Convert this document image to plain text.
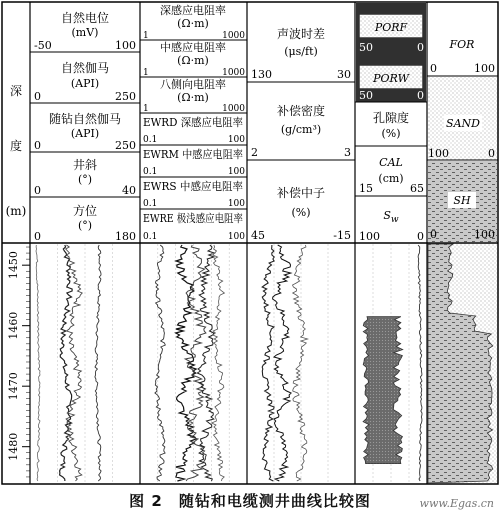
深
度
(m)
自然电位
(mV)
-50	100
自然伽马
(API)
0	250
随钻自然伽马
(API)
0	250
井斜
(°)
0	40
方位
(°)
0	180
深感应电阻率
(Ω·m)
1	1000
中感应电阻率
(Ω·m)
1	1000
八侧向电阻率
(Ω·m)
1	1000
EWRD 深感应电阻率
0.1	100
EWRM 中感应电阻率
0.1	100
EWRS 中感应电阻率
0.1	100
EWRE 极浅感应电阻率
0.1	100
声波时差
(μs/ft)
130	30
补偿密度
(g/cm³)
2	3
补偿中子
(%)
45	-15
PORF
50	0
PORW
50	0
孔隙度
(%)
CAL
(cm)
15	65
$S_w$
100	0
FOR
0	100
SAND
100	0
SH
0	100
1450
1460
1470
1480
图 2　随钻和电缆测井曲线比较图	www.Egas.cn
